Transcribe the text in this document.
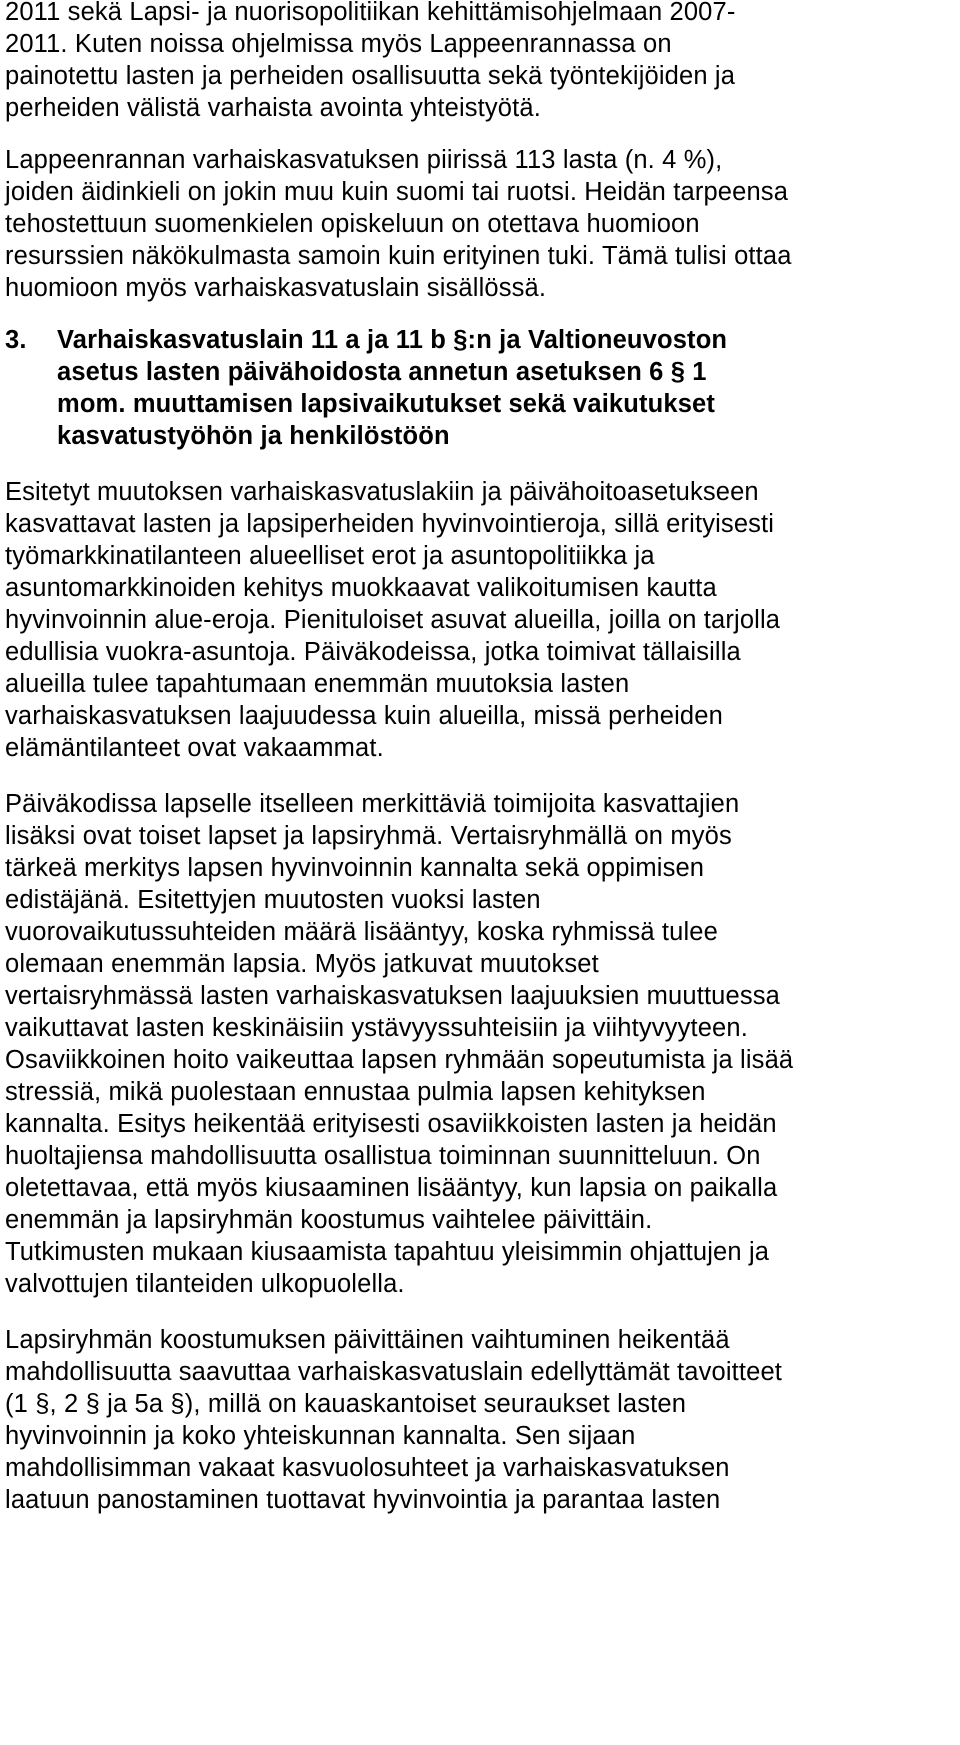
2011 sekä Lapsi- ja nuorisopolitiikan kehittämisohjelmaan 2007-
2011. Kuten noissa ohjelmissa myös Lappeenrannassa on
painotettu lasten ja perheiden osallisuutta sekä työntekijöiden ja
perheiden välistä varhaista avointa yhteistyötä.
Lappeenrannan varhaiskasvatuksen piirissä 113 lasta (n. 4 %),
joiden äidinkieli on jokin muu kuin suomi tai ruotsi. Heidän tarpeensa
tehostettuun suomenkielen opiskeluun on otettava huomioon
resurssien näkökulmasta samoin kuin erityinen tuki. Tämä tulisi ottaa
huomioon myös varhaiskasvatuslain sisällössä.
3. Varhaiskasvatuslain 11 a ja 11 b §:n ja Valtioneuvoston
asetus lasten päivähoidosta annetun asetuksen 6 § 1
mom. muuttamisen lapsivaikutukset sekä vaikutukset
kasvatustyöhön ja henkilöstöön
Esitetyt muutoksen varhaiskasvatuslakiin ja päivähoitoasetukseen
kasvattavat lasten ja lapsiperheiden hyvinvointieroja, sillä erityisesti
työmarkkinatilanteen alueelliset erot ja asuntopolitiikka ja
asuntomarkkinoiden kehitys muokkaavat valikoitumisen kautta
hyvinvoinnin alue-eroja. Pienituloiset asuvat alueilla, joilla on tarjolla
edullisia vuokra-asuntoja. Päiväkodeissa, jotka toimivat tällaisilla
alueilla tulee tapahtumaan enemmän muutoksia lasten
varhaiskasvatuksen laajuudessa kuin alueilla, missä perheiden
elämäntilanteet ovat vakaammat.
Päiväkodissa lapselle itselleen merkittäviä toimijoita kasvattajien
lisäksi ovat toiset lapset ja lapsiryhmä. Vertaisryhmällä on myös
tärkeä merkitys lapsen hyvinvoinnin kannalta sekä oppimisen
edistäjänä. Esitettyjen muutosten vuoksi lasten
vuorovaikutussuhteiden määrä lisääntyy, koska ryhmissä tulee
olemaan enemmän lapsia. Myös jatkuvat muutokset
vertaisryhmässä lasten varhaiskasvatuksen laajuuksien muuttuessa
vaikuttavat lasten keskinäisiin ystävyyssuhteisiin ja viihtyvyyteen.
Osaviikkoinen hoito vaikeuttaa lapsen ryhmään sopeutumista ja lisää
stressiä, mikä puolestaan ennustaa pulmia lapsen kehityksen
kannalta. Esitys heikentää erityisesti osaviikkoisten lasten ja heidän
huoltajiensa mahdollisuutta osallistua toiminnan suunnitteluun. On
oletettavaa, että myös kiusaaminen lisääntyy, kun lapsia on paikalla
enemmän ja lapsiryhmän koostumus vaihtelee päivittäin.
Tutkimusten mukaan kiusaamista tapahtuu yleisimmin ohjattujen ja
valvottujen tilanteiden ulkopuolella.
Lapsiryhmän koostumuksen päivittäinen vaihtuminen heikentää
mahdollisuutta saavuttaa varhaiskasvatuslain edellyttämät tavoitteet
(1 §, 2 § ja 5a §), millä on kauaskantoiset seuraukset lasten
hyvinvoinnin ja koko yhteiskunnan kannalta. Sen sijaan
mahdollisimman vakaat kasvuolosuhteet ja varhaiskasvatuksen
laatuun panostaminen tuottavat hyvinvointia ja parantaa lasten
